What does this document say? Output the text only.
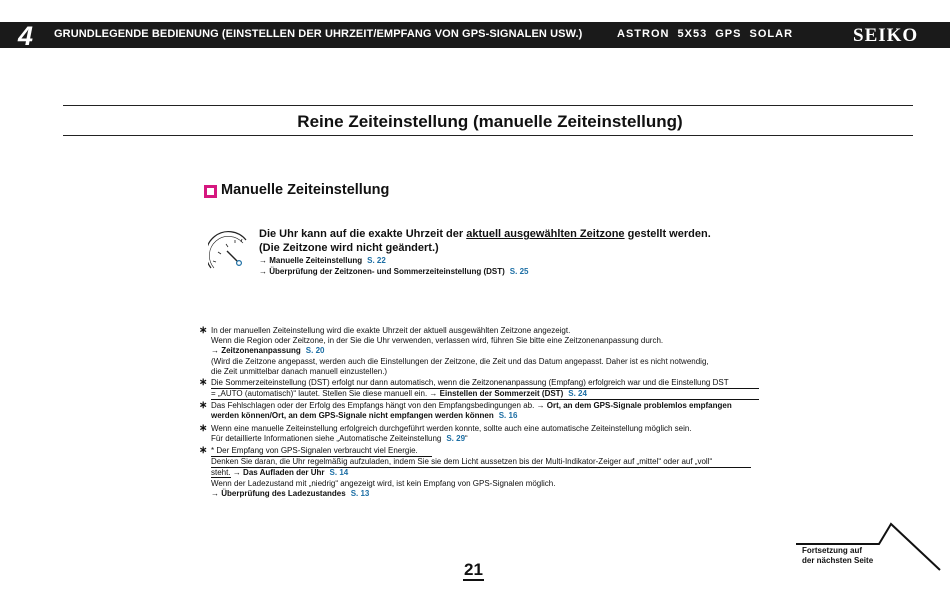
4 GRUNDLEGENDE BEDIENUNG (EINSTELLEN DER UHRZEIT/EMPFANG VON GPS-SIGNALEN USW.)	ASTRON 5X53 GPS SOLAR	SEIKO
Reine Zeiteinstellung (manuelle Zeiteinstellung)
Manuelle Zeiteinstellung
Die Uhr kann auf die exakte Uhrzeit der aktuell ausgewählten Zeitzone gestellt werden.
(Die Zeitzone wird nicht geändert.)
→ Manuelle Zeiteinstellung S. 22
→ Überprüfung der Zeitzonen- und Sommerzeiteinstellung (DST) S. 25
∗ In der manuellen Zeiteinstellung wird die exakte Uhrzeit der aktuell ausgewählten Zeitzone angezeigt.
Wenn die Region oder Zeitzone, in der Sie die Uhr verwenden, verlassen wird, führen Sie bitte eine Zeitzonenanpassung durch.
→ Zeitzonenanpassung S. 20
(Wird die Zeitzone angepasst, werden auch die Einstellungen der Zeitzone, die Zeit und das Datum angepasst. Daher ist es nicht notwendig,
die Zeit unmittelbar danach manuell einzustellen.)
∗ Die Sommerzeiteinstellung (DST) erfolgt nur dann automatisch, wenn die Zeitzonenanpassung (Empfang) erfolgreich war und die Einstellung DST
= „AUTO (automatisch)“ lautet. Stellen Sie diese manuell ein. → Einstellen der Sommerzeit (DST) S. 24
∗ Das Fehlschlagen oder der Erfolg des Empfangs hängt von den Empfangsbedingungen ab. → Ort, an dem GPS-Signale problemlos empfangen
werden können/Ort, an dem GPS-Signale nicht empfangen werden können S. 16
∗ Wenn eine manuelle Zeiteinstellung erfolgreich durchgeführt werden konnte, sollte auch eine automatische Zeiteinstellung möglich sein.
Für detaillierte Informationen siehe „Automatische Zeiteinstellung S. 29“
∗ * Der Empfang von GPS-Signalen verbraucht viel Energie.
Denken Sie daran, die Uhr regelmäßig aufzuladen, indem Sie sie dem Licht aussetzen bis der Multi-Indikator-Zeiger auf „mittel“ oder auf „voll“
steht. → Das Aufladen der Uhr S. 14
Wenn der Ladezustand mit „niedrig“ angezeigt wird, ist kein Empfang von GPS-Signalen möglich.
→ Überprüfung des Ladezustandes S. 13
21
Fortsetzung auf
der nächsten Seite
